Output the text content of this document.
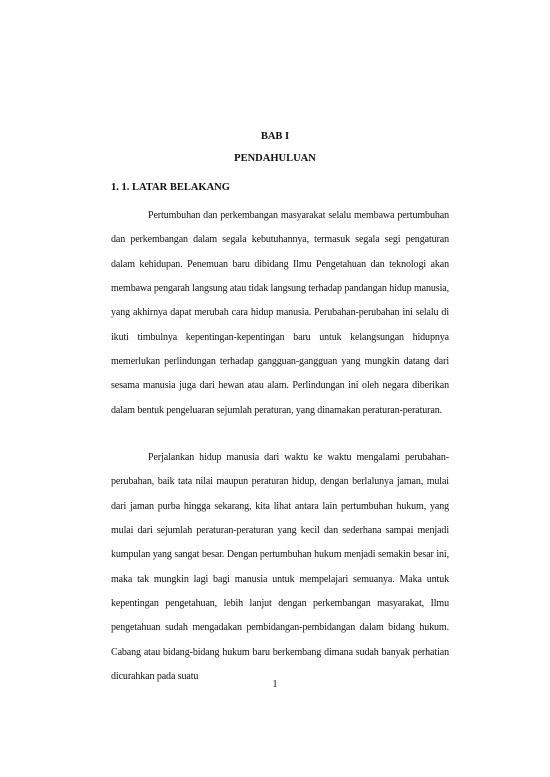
BAB I
PENDAHULUAN
1. 1. LATAR BELAKANG

Pertumbuhan dan perkembangan masyarakat selalu membawa pertumbuhan dan perkembangan dalam segala kebutuhannya, termasuk segala segi pengaturan dalam kehidupan. Penemuan baru dibidang Ilmu Pengetahuan dan teknologi akan membawa pengarah langsung atau tidak langsung terhadap pandangan hidup manusia, yang akhirnya dapat merubah cara hidup manusia. Perubahan-perubahan ini selalu di ikuti timbulnya kepentingan-kepentingan baru untuk kelangsungan hidupnya memerlukan perlindungan terhadap gangguan-gangguan yang mungkin datang dari sesama manusia juga dari hewan atau alam. Perlindungan ini oleh negara diberikan dalam bentuk pengeluaran sejumlah peraturan, yang dinamakan peraturan-peraturan.

Perjalankan hidup manusia dari waktu ke waktu mengalami perubahan-perubahan, baik tata nilai maupun peraturan hidup, dengan berlalunya jaman, mulai dari jaman purba hingga sekarang, kita lihat antara lain pertumbuhan hukum, yang mulai dari sejumlah peraturan-peraturan yang kecil dan sederhana sampai menjadi kumpulan yang sangat besar. Dengan pertumbuhan hukum menjadi semakin besar ini, maka tak mungkin lagi bagi manusia untuk mempelajari semuanya. Maka untuk kepentingan pengetahuan, lebih lanjut dengan perkembangan masyarakat, Ilmu pengetahuan sudah mengadakan pembidangan-pembidangan dalam bidang hukum. Cabang atau bidang-bidang hukum baru berkembang dimana sudah banyak perhatian dicurahkan pada suatu

1
